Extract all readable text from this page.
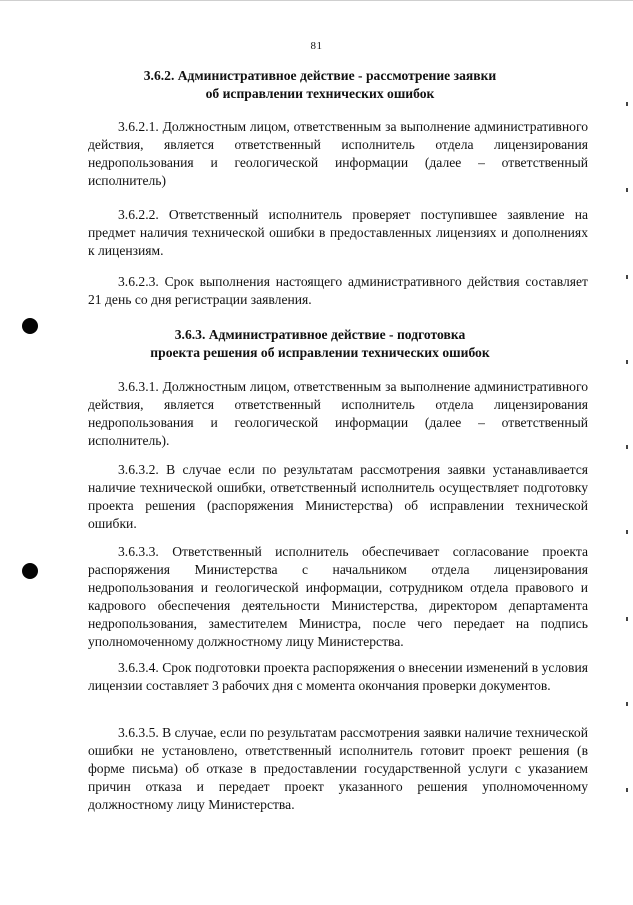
81
3.6.2. Административное действие - рассмотрение заявки
об исправлении технических ошибок

3.6.2.1. Должностным лицом, ответственным за выполнение административного действия, является ответственный исполнитель отдела лицензирования недропользования и геологической информации (далее – ответственный исполнитель)

3.6.2.2. Ответственный исполнитель проверяет поступившее заявление на предмет наличия технической ошибки в предоставленных лицензиях и дополнениях к лицензиям.

3.6.2.3. Срок выполнения настоящего административного действия составляет 21 день со дня регистрации заявления.

3.6.3. Административное действие - подготовка
проекта решения об исправлении технических ошибок

3.6.3.1. Должностным лицом, ответственным за выполнение административного действия, является ответственный исполнитель отдела лицензирования недропользования и геологической информации (далее – ответственный исполнитель).

3.6.3.2. В случае если по результатам рассмотрения заявки устанавливается наличие технической ошибки, ответственный исполнитель осуществляет подготовку проекта решения (распоряжения Министерства) об исправлении технической ошибки.

3.6.3.3. Ответственный исполнитель обеспечивает согласование проекта распоряжения Министерства с начальником отдела лицензирования недропользования и геологической информации, сотрудником отдела правового и кадрового обеспечения деятельности Министерства, директором департамента недропользования, заместителем Министра, после чего передает на подпись уполномоченному должностному лицу Министерства.

3.6.3.4. Срок подготовки проекта распоряжения о внесении изменений в условия лицензии составляет 3 рабочих дня с момента окончания проверки документов.

3.6.3.5. В случае, если по результатам рассмотрения заявки наличие технической ошибки не установлено, ответственный исполнитель готовит проект решения (в форме письма) об отказе в предоставлении государственной услуги с указанием причин отказа и передает проект указанного решения уполномоченному должностному лицу Министерства.
